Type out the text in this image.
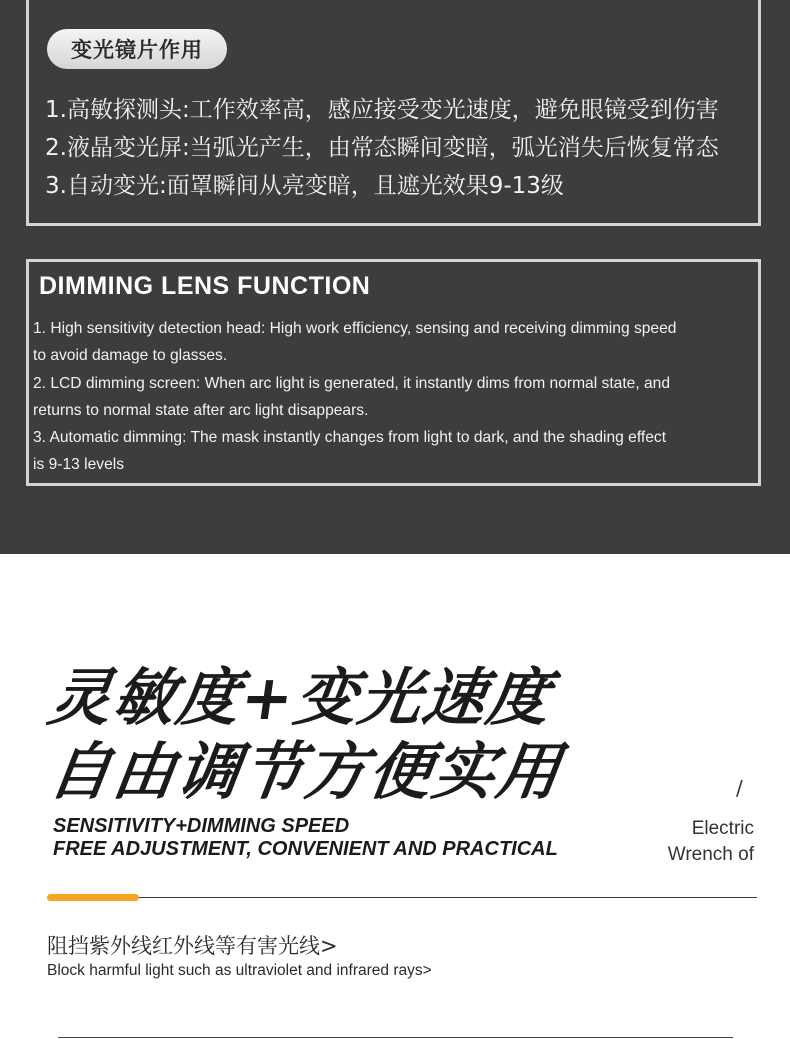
变光镜片作用
1.高敏探测头:工作效率高，感应接受变光速度，避免眼镜受到伤害
2.液晶变光屏:当弧光产生，由常态瞬间变暗，弧光消失后恢复常态
3.自动变光:面罩瞬间从亮变暗，且遮光效果9-13级
DIMMING LENS FUNCTION
1. High sensitivity detection head: High work efficiency, sensing and receiving dimming speed
to avoid damage to glasses.
2. LCD dimming screen: When arc light is generated, it instantly dims from normal state, and
returns to normal state after arc light disappears.
3. Automatic dimming: The mask instantly changes from light to dark, and the shading effect
is 9-13 levels
灵敏度+变光速度
自由调节方便实用	/
SENSITIVITY+DIMMING SPEED
FREE ADJUSTMENT, CONVENIENT AND PRACTICAL
Electric
Wrench of
阻挡紫外线红外线等有害光线>
Block harmful light such as ultraviolet and infrared rays>
